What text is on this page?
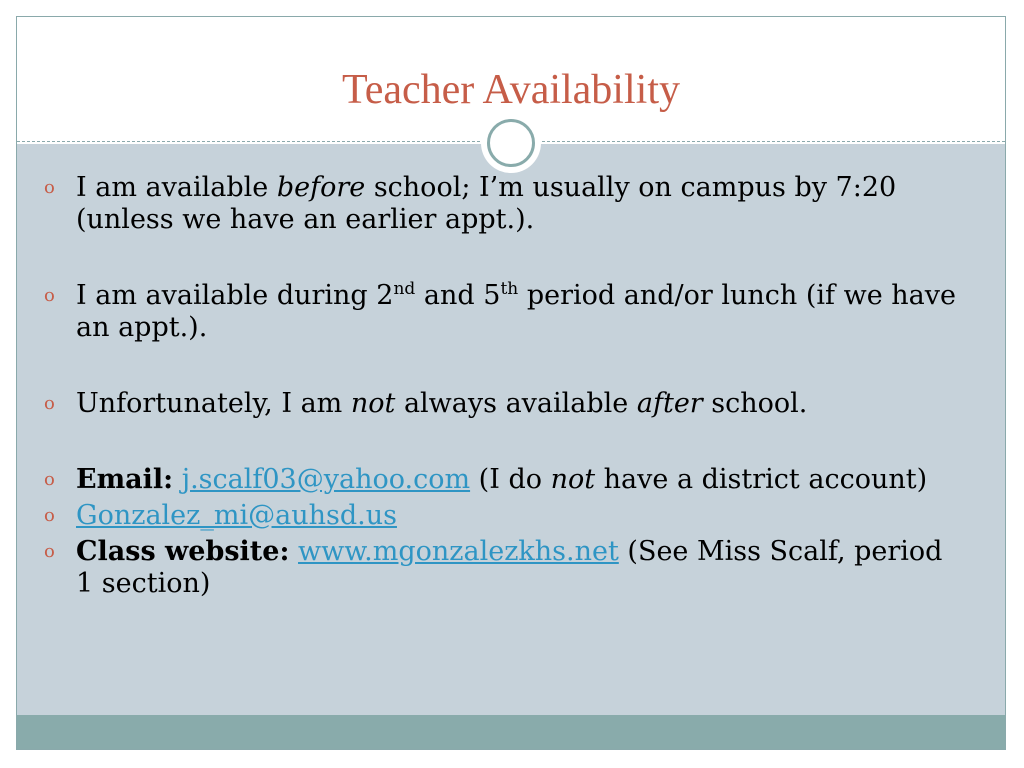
Teacher Availability

o I am available before school; I’m usually on campus by 7:20 (unless we have an earlier appt.).

o I am available during 2nd and 5th period and/or lunch (if we have an appt.).

o Unfortunately, I am not always available after school.

o Email: j.scalf03@yahoo.com (I do not have a district account)

o Gonzalez_mi@auhsd.us

o Class website: www.mgonzalezkhs.net (See Miss Scalf, period 1 section)
